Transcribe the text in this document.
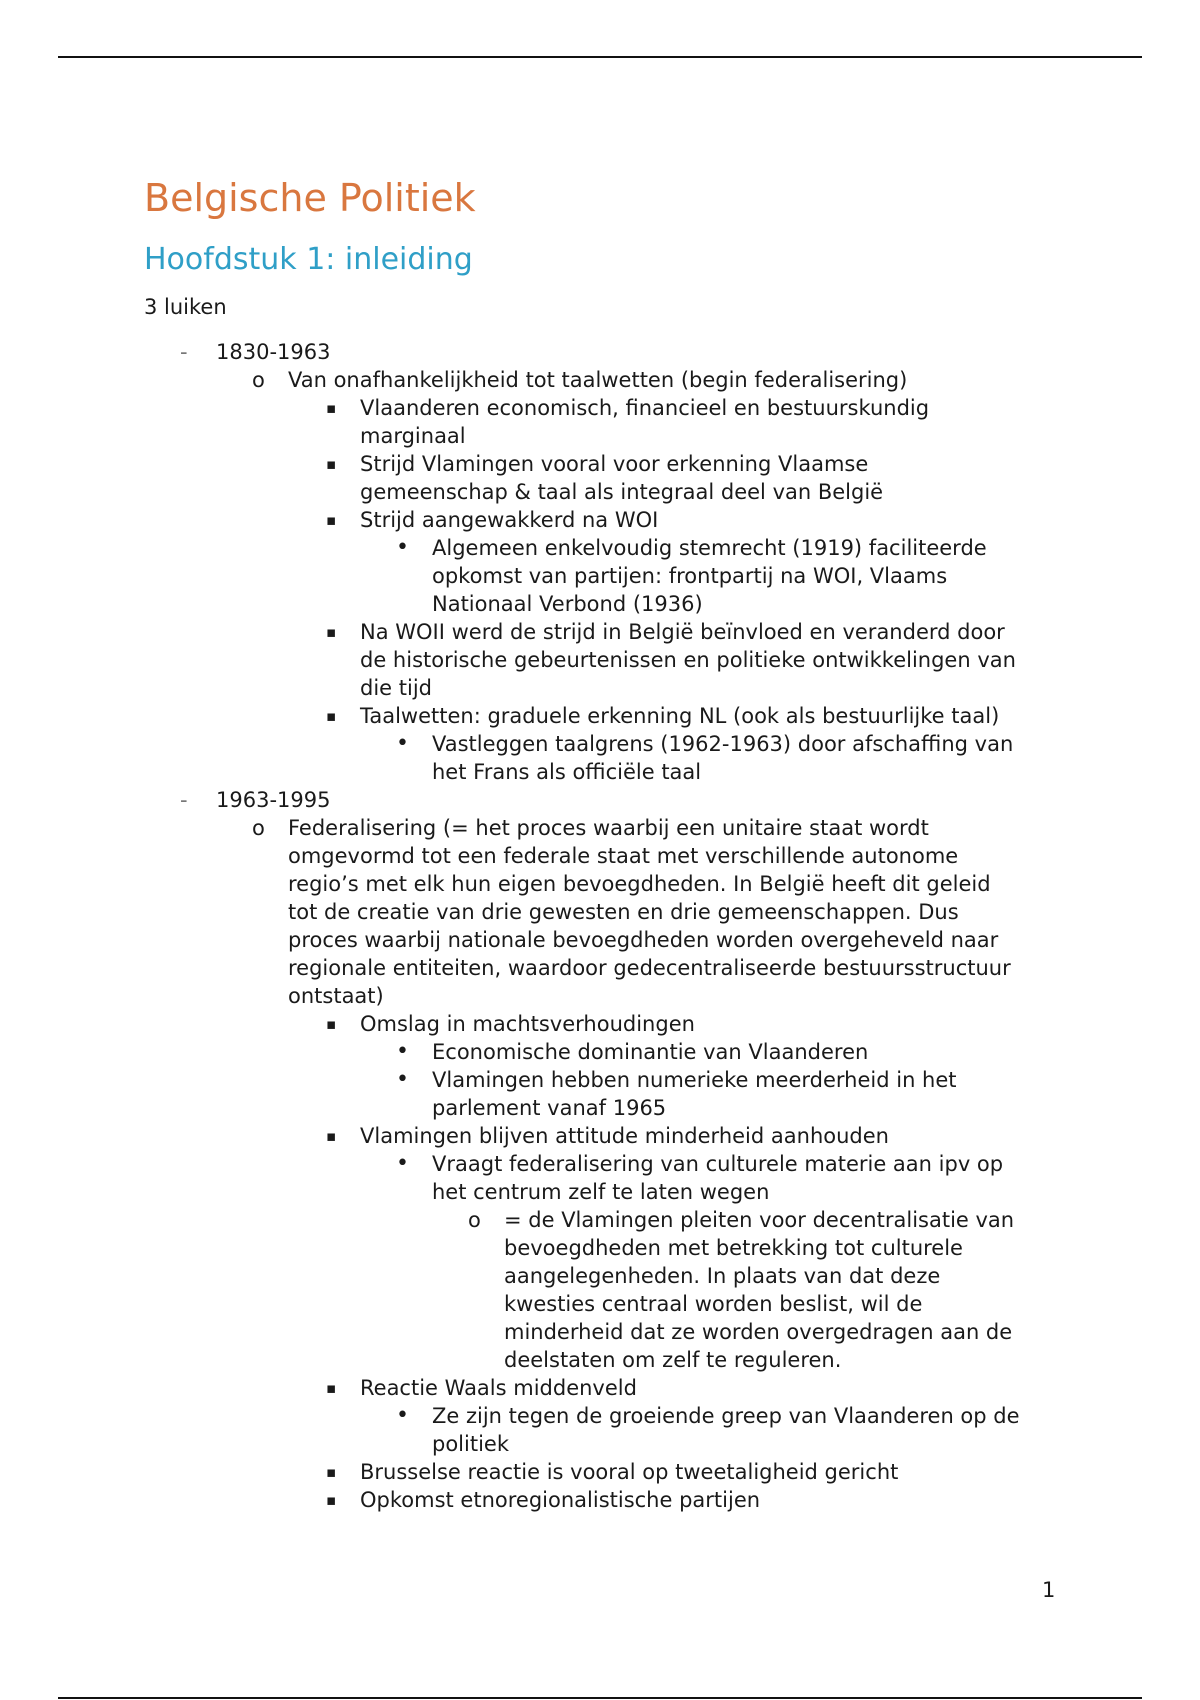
Belgische Politiek
Hoofdstuk 1: inleiding

3 luiken

- 1830-1963
o Van onafhankelijkheid tot taalwetten (begin federalisering)
▪ Vlaanderen economisch, financieel en bestuurskundig
marginaal
▪ Strijd Vlamingen vooral voor erkenning Vlaamse
gemeenschap & taal als integraal deel van België
▪ Strijd aangewakkerd na WOI
• Algemeen enkelvoudig stemrecht (1919) faciliteerde
opkomst van partijen: frontpartij na WOI, Vlaams
Nationaal Verbond (1936)
▪ Na WOII werd de strijd in België beïnvloed en veranderd door
de historische gebeurtenissen en politieke ontwikkelingen van
die tijd
▪ Taalwetten: graduele erkenning NL (ook als bestuurlijke taal)
• Vastleggen taalgrens (1962-1963) door afschaffing van
het Frans als officiële taal
- 1963-1995
o Federalisering (= het proces waarbij een unitaire staat wordt
omgevormd tot een federale staat met verschillende autonome
regio’s met elk hun eigen bevoegdheden. In België heeft dit geleid
tot de creatie van drie gewesten en drie gemeenschappen. Dus
proces waarbij nationale bevoegdheden worden overgeheveld naar
regionale entiteiten, waardoor gedecentraliseerde bestuursstructuur
ontstaat)
▪ Omslag in machtsverhoudingen
• Economische dominantie van Vlaanderen
• Vlamingen hebben numerieke meerderheid in het
parlement vanaf 1965
▪ Vlamingen blijven attitude minderheid aanhouden
• Vraagt federalisering van culturele materie aan ipv op
het centrum zelf te laten wegen
o = de Vlamingen pleiten voor decentralisatie van
bevoegdheden met betrekking tot culturele
aangelegenheden. In plaats van dat deze
kwesties centraal worden beslist, wil de
minderheid dat ze worden overgedragen aan de
deelstaten om zelf te reguleren.
▪ Reactie Waals middenveld
• Ze zijn tegen de groeiende greep van Vlaanderen op de
politiek
▪ Brusselse reactie is vooral op tweetaligheid gericht
▪ Opkomst etnoregionalistische partijen
1
